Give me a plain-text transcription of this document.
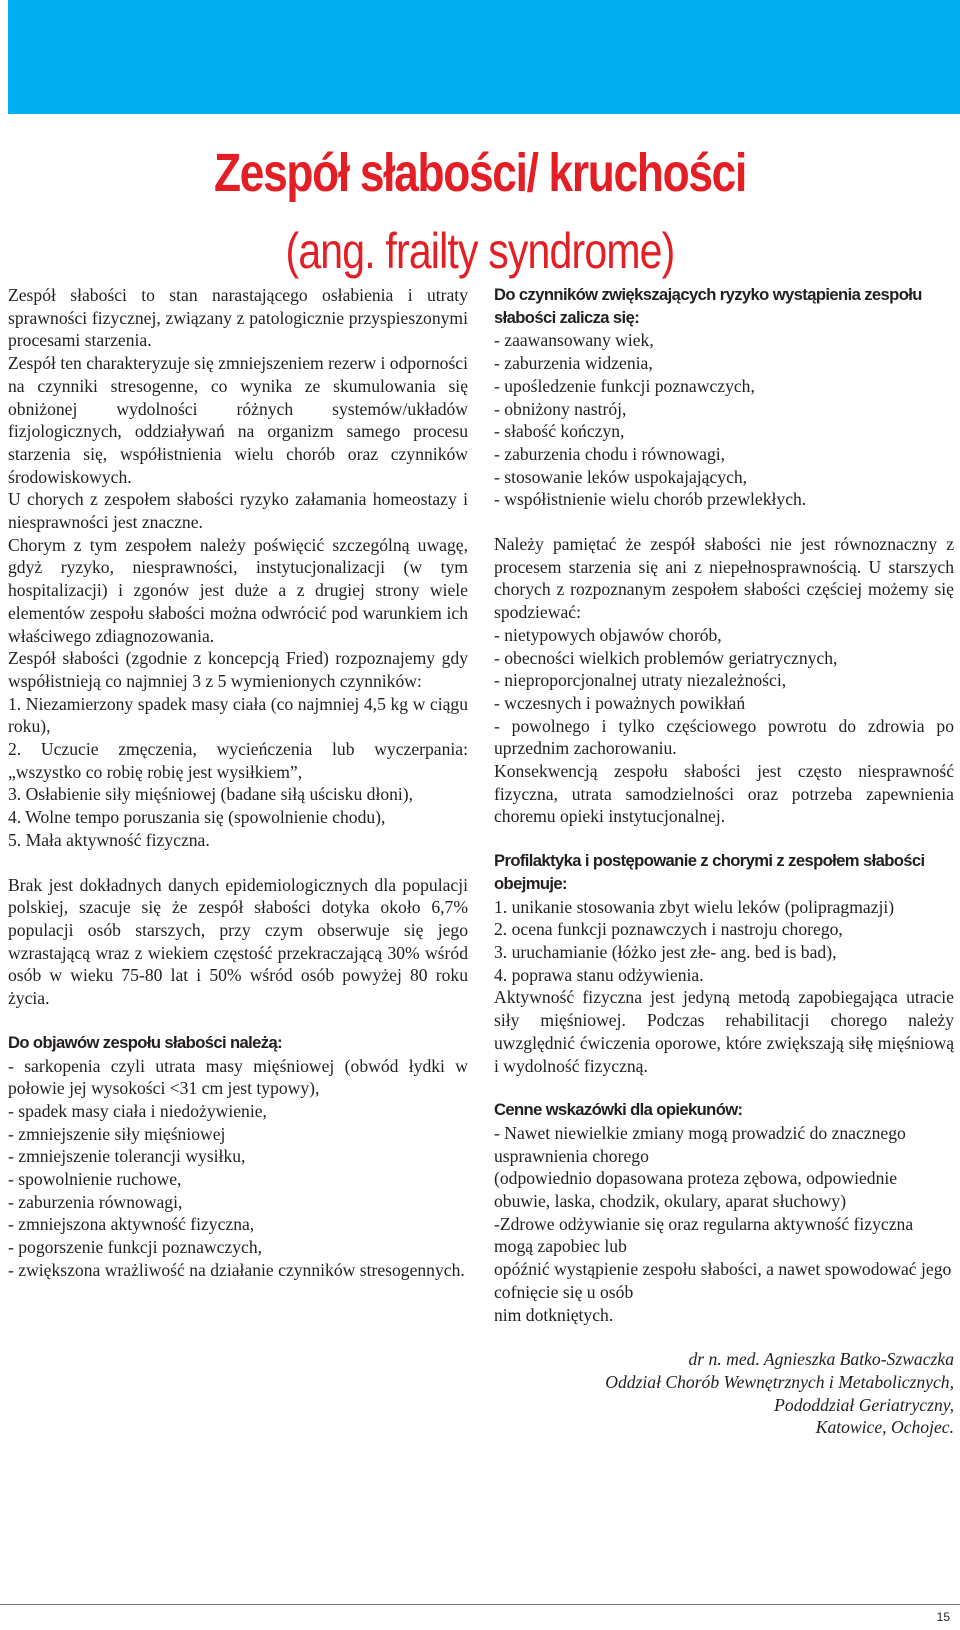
Zespół słabości/ kruchości
(ang. frailty syndrome)

Zespół słabości to stan narastającego osłabienia i utraty sprawności fizycznej, związany z patologicznie przyspieszonymi procesami starzenia.

Zespół ten charakteryzuje się zmniejszeniem rezerw i odporności na czynniki stresogenne, co wynika ze skumulowania się obniżonej wydolności różnych systemów/układów fizjologicznych, oddziaływań na organizm samego procesu starzenia się, współistnienia wielu chorób oraz czynników środowiskowych.

U chorych z zespołem słabości ryzyko załamania homeostazy i niesprawności jest znaczne.

Chorym z tym zespołem należy poświęcić szczególną uwagę, gdyż ryzyko, niesprawności, instytucjonalizacji (w tym hospitalizacji) i zgonów jest duże a z drugiej strony wiele elementów zespołu słabości można odwrócić pod warunkiem ich właściwego zdiagnozowania.

Zespół słabości (zgodnie z koncepcją Fried) rozpoznajemy gdy współistnieją co najmniej 3 z 5 wymienionych czynników:

1. Niezamierzony spadek masy ciała (co najmniej 4,5 kg w ciągu roku),
2. Uczucie zmęczenia, wycieńczenia lub wyczerpania: „wszystko co robię robię jest wysiłkiem”,
3. Osłabienie siły mięśniowej (badane siłą uścisku dłoni),
4. Wolne tempo poruszania się (spowolnienie chodu),
5. Mała aktywność fizyczna.

Brak jest dokładnych danych epidemiologicznych dla populacji polskiej, szacuje się że zespół słabości dotyka około 6,7% populacji osób starszych, przy czym obserwuje się jego wzrastającą wraz z wiekiem częstość przekraczającą 30% wśród osób w wieku 75-80 lat i 50% wśród osób powyżej 80 roku życia.

Do objawów zespołu słabości należą:

- sarkopenia czyli utrata masy mięśniowej (obwód łydki w połowie jej wysokości <31 cm jest typowy),
- spadek masy ciała i niedożywienie,
- zmniejszenie siły mięśniowej
- zmniejszenie tolerancji wysiłku,
- spowolnienie ruchowe,
- zaburzenia równowagi,
- zmniejszona aktywność fizyczna,
- pogorszenie funkcji poznawczych,
- zwiększona wrażliwość na działanie czynników stresogennych.

Do czynników zwiększających ryzyko wystąpienia zespołu słabości zalicza się:

- zaawansowany wiek,
- zaburzenia widzenia,
- upośledzenie funkcji poznawczych,
- obniżony nastrój,
- słabość kończyn,
- zaburzenia chodu i równowagi,
- stosowanie leków uspokajających,
- współistnienie wielu chorób przewlekłych.

Należy pamiętać że zespół słabości nie jest równoznaczny z procesem starzenia się ani z niepełnosprawnością. U starszych chorych z rozpoznanym zespołem słabości częściej możemy się spodziewać:

- nietypowych objawów chorób,
- obecności wielkich problemów geriatrycznych,
- nieproporcjonalnej utraty niezależności,
- wczesnych i poważnych powikłań
- powolnego i tylko częściowego powrotu do zdrowia po uprzednim zachorowaniu.

Konsekwencją zespołu słabości jest często niesprawność fizyczna, utrata samodzielności oraz potrzeba zapewnienia choremu opieki instytucjonalnej.

Profilaktyka i postępowanie z chorymi z zespołem słabości obejmuje:

1. unikanie stosowania zbyt wielu leków (polipragmazji)
2. ocena funkcji poznawczych i nastroju chorego,
3. uruchamianie (łóżko jest złe- ang. bed is bad),
4. poprawa stanu odżywienia.

Aktywność fizyczna jest jedyną metodą zapobiegająca utracie siły mięśniowej. Podczas rehabilitacji chorego należy uwzględnić ćwiczenia oporowe, które zwiększają siłę mięśniową i wydolność fizyczną.

Cenne wskazówki dla opiekunów:

- Nawet niewielkie zmiany mogą prowadzić do znacznego usprawnienia chorego
(odpowiednio dopasowana proteza zębowa, odpowiednie obuwie, laska, chodzik, okulary, aparat słuchowy)
-Zdrowe odżywianie się oraz regularna aktywność fizyczna mogą zapobiec lub
opóźnić wystąpienie zespołu słabości, a nawet spowodować jego cofnięcie się u osób
nim dotkniętych.

dr n. med. Agnieszka Batko-Szwaczka

Oddział Chorób Wewnętrznych i Metabolicznych,

Pododdział Geriatryczny,

Katowice, Ochojec.

15
